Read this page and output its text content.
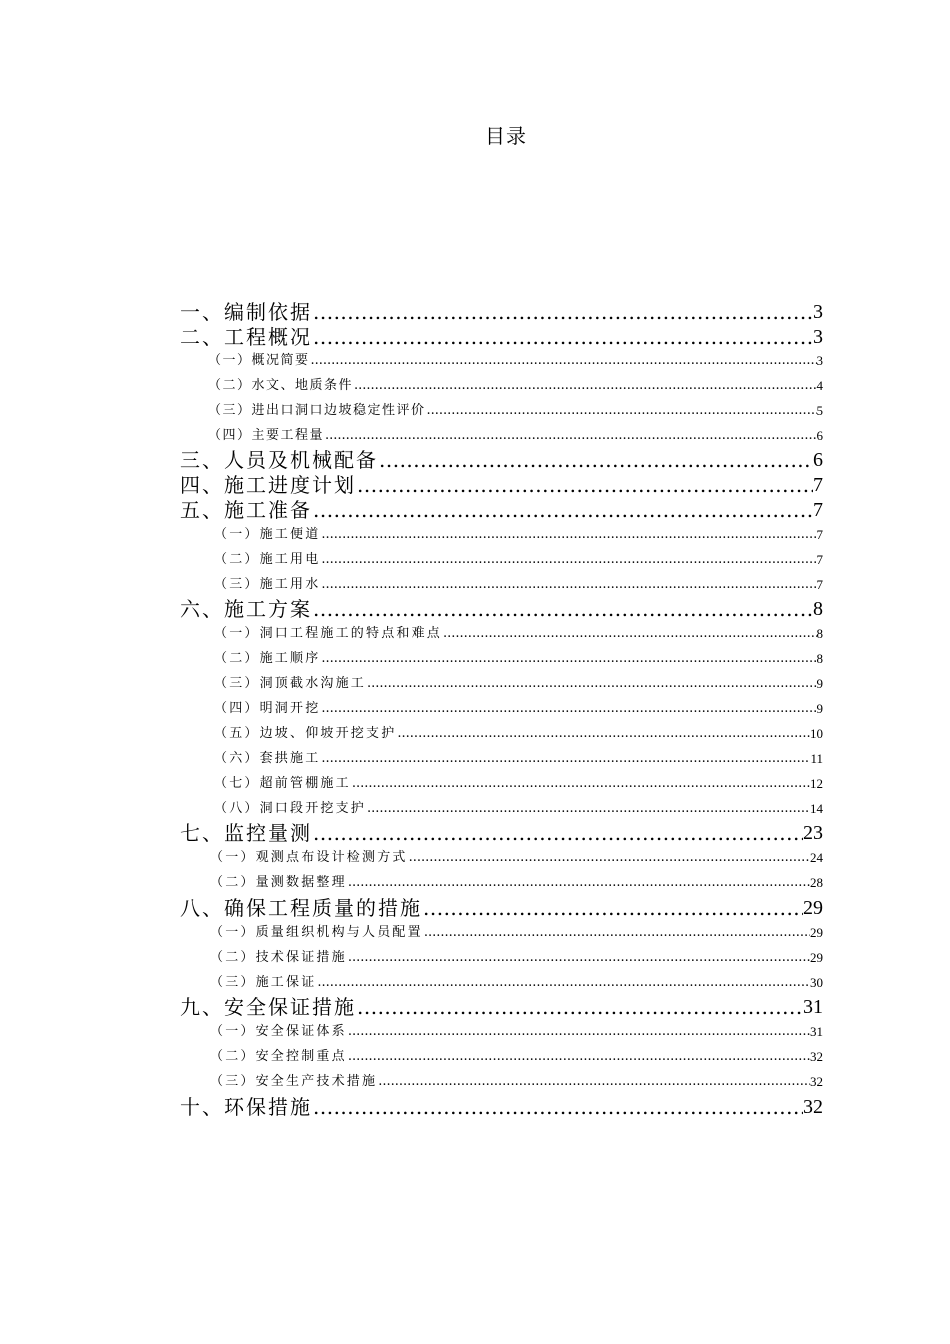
目录
一、编制依据 .....	3
二、工程概况 .....	3
（一）概况简要 .....	3
（二）水文、地质条件 .....	4
（三）进出口洞口边坡稳定性评价 .....	5
（四）主要工程量 .....	6
三、人员及机械配备 .....	6
四、施工进度计划 .....	7
五、施工准备 .....	7
（一）施工便道 .....	7
（二）施工用电 .....	7
（三）施工用水 .....	7
六、施工方案 .....	8
（一）洞口工程施工的特点和难点 .....	8
（二）施工顺序 .....	8
（三）洞顶截水沟施工 .....	9
（四）明洞开挖 .....	9
（五）边坡、仰坡开挖支护 .....	10
（六）套拱施工 .....	11
（七）超前管棚施工 .....	12
（八）洞口段开挖支护 .....	14
七、监控量测 .....	23
（一）观测点布设计检测方式 .....	24
（二）量测数据整理 .....	28
八、确保工程质量的措施 .....	29
（一）质量组织机构与人员配置 .....	29
（二）技术保证措施 .....	29
（三）施工保证 .....	30
九、安全保证措施 .....	31
（一）安全保证体系 .....	31
（二）安全控制重点 .....	32
（三）安全生产技术措施 .....	32
十、环保措施 .....	32
